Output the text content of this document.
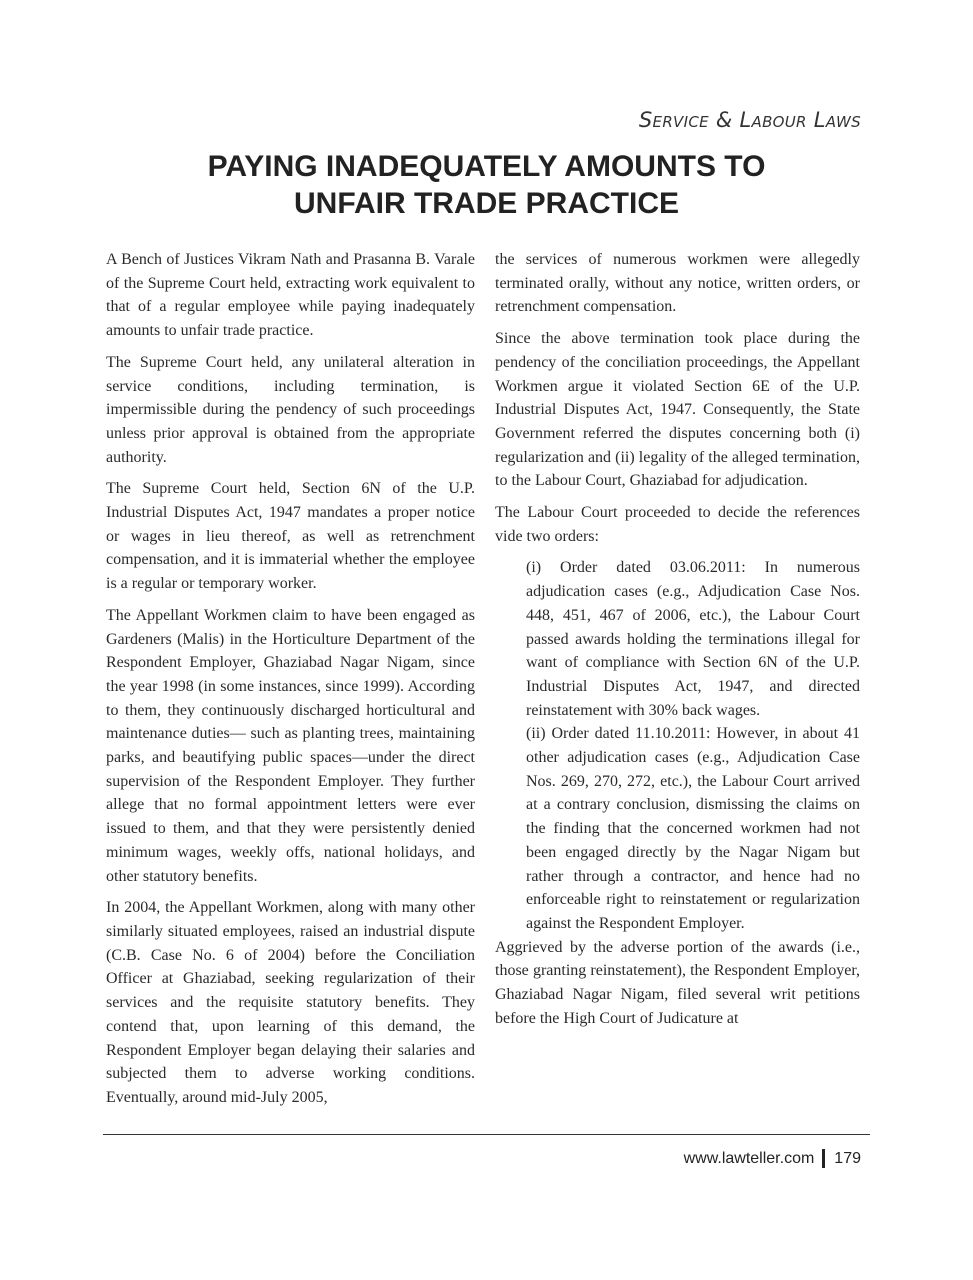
Service & Labour Laws
PAYING INADEQUATELY AMOUNTS TO
UNFAIR TRADE PRACTICE

A Bench of Justices Vikram Nath and Prasanna B. Varale of the Supreme Court held, extracting work equivalent to that of a regular employee while paying inadequately amounts to unfair trade practice.

The Supreme Court held, any unilateral alteration in service conditions, including termination, is impermissible during the pendency of such proceedings unless prior approval is obtained from the appropriate authority.

The Supreme Court held, Section 6N of the U.P. Industrial Disputes Act, 1947 mandates a proper notice or wages in lieu thereof, as well as retrenchment compensation, and it is immaterial whether the employee is a regular or temporary worker.

The Appellant Workmen claim to have been engaged as Gardeners (Malis) in the Horticulture Department of the Respondent Employer, Ghaziabad Nagar Nigam, since the year 1998 (in some instances, since 1999). According to them, they continuously discharged horticultural and maintenance duties— such as planting trees, maintaining parks, and beautifying public spaces—under the direct supervision of the Respondent Employer. They further allege that no formal appointment letters were ever issued to them, and that they were persistently denied minimum wages, weekly offs, national holidays, and other statutory benefits.

In 2004, the Appellant Workmen, along with many other similarly situated employees, raised an industrial dispute (C.B. Case No. 6 of 2004) before the Conciliation Officer at Ghaziabad, seeking regularization of their services and the requisite statutory benefits. They contend that, upon learning of this demand, the Respondent Employer began delaying their salaries and subjected them to adverse working conditions. Eventually, around mid-July 2005,

the services of numerous workmen were allegedly terminated orally, without any notice, written orders, or retrenchment compensation.

Since the above termination took place during the pendency of the conciliation proceedings, the Appellant Workmen argue it violated Section 6E of the U.P. Industrial Disputes Act, 1947. Consequently, the State Government referred the disputes concerning both (i) regularization and (ii) legality of the alleged termination, to the Labour Court, Ghaziabad for adjudication.

The Labour Court proceeded to decide the references vide two orders:

(i) Order dated 03.06.2011: In numerous adjudication cases (e.g., Adjudication Case Nos. 448, 451, 467 of 2006, etc.), the Labour Court passed awards holding the terminations illegal for want of compliance with Section 6N of the U.P. Industrial Disputes Act, 1947, and directed reinstatement with 30% back wages.

(ii) Order dated 11.10.2011: However, in about 41 other adjudication cases (e.g., Adjudication Case Nos. 269, 270, 272, etc.), the Labour Court arrived at a contrary conclusion, dismissing the claims on the finding that the concerned workmen had not been engaged directly by the Nagar Nigam but rather through a contractor, and hence had no enforceable right to reinstatement or regularization against the Respondent Employer.

Aggrieved by the adverse portion of the awards (i.e., those granting reinstatement), the Respondent Employer, Ghaziabad Nagar Nigam, filed several writ petitions before the High Court of Judicature at

www.lawteller.com 179
